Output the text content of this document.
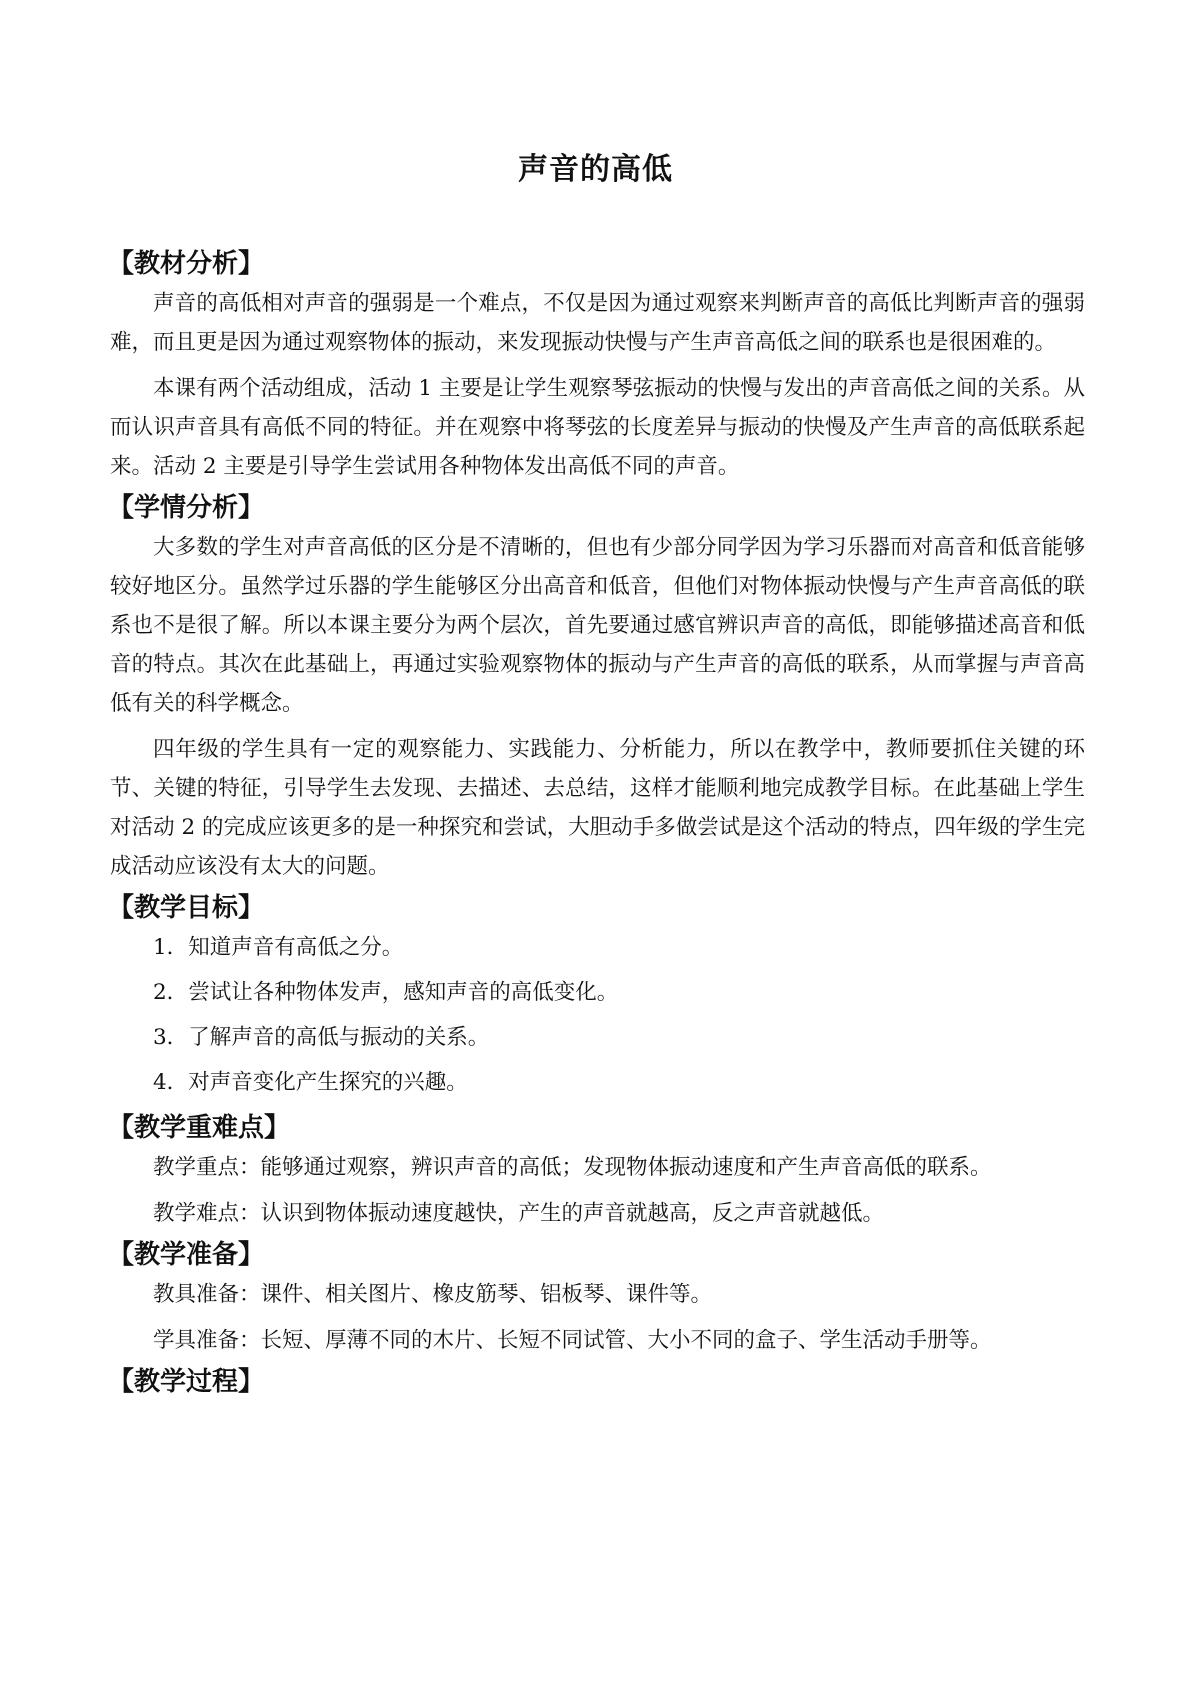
声音的高低
【教材分析】

声音的高低相对声音的强弱是一个难点，不仅是因为通过观察来判断声音的高低比判断声音的强弱难，而且更是因为通过观察物体的振动，来发现振动快慢与产生声音高低之间的联系也是很困难的。

本课有两个活动组成，活动 1 主要是让学生观察琴弦振动的快慢与发出的声音高低之间的关系。从而认识声音具有高低不同的特征。并在观察中将琴弦的长度差异与振动的快慢及产生声音的高低联系起来。活动 2 主要是引导学生尝试用各种物体发出高低不同的声音。

【学情分析】

大多数的学生对声音高低的区分是不清晰的，但也有少部分同学因为学习乐器而对高音和低音能够较好地区分。虽然学过乐器的学生能够区分出高音和低音，但他们对物体振动快慢与产生声音高低的联系也不是很了解。所以本课主要分为两个层次，首先要通过感官辨识声音的高低，即能够描述高音和低音的特点。其次在此基础上，再通过实验观察物体的振动与产生声音的高低的联系，从而掌握与声音高低有关的科学概念。

四年级的学生具有一定的观察能力、实践能力、分析能力，所以在教学中，教师要抓住关键的环节、关键的特征，引导学生去发现、去描述、去总结，这样才能顺利地完成教学目标。在此基础上学生对活动 2 的完成应该更多的是一种探究和尝试，大胆动手多做尝试是这个活动的特点，四年级的学生完成活动应该没有太大的问题。

【教学目标】
1．知道声音有高低之分。
2．尝试让各种物体发声，感知声音的高低变化。
3．了解声音的高低与振动的关系。
4．对声音变化产生探究的兴趣。
【教学重难点】

教学重点：能够通过观察，辨识声音的高低；发现物体振动速度和产生声音高低的联系。

教学难点：认识到物体振动速度越快，产生的声音就越高，反之声音就越低。

【教学准备】

教具准备：课件、相关图片、橡皮筋琴、铝板琴、课件等。

学具准备：长短、厚薄不同的木片、长短不同试管、大小不同的盒子、学生活动手册等。

【教学过程】
